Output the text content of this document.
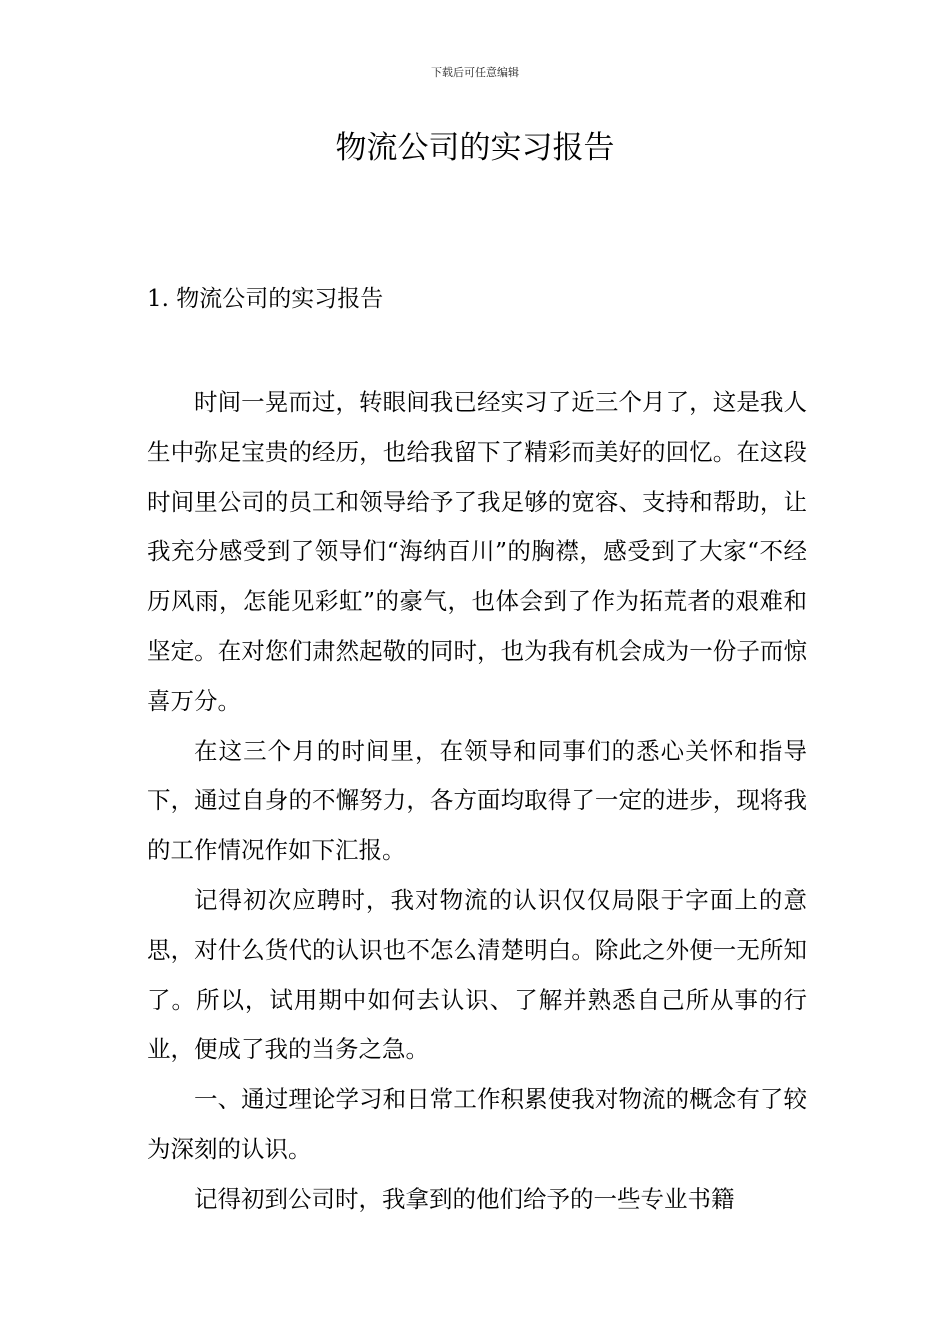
下载后可任意编辑
物流公司的实习报告
1. 物流公司的实习报告

时间一晃而过，转眼间我已经实习了近三个月了，这是我人生中弥足宝贵的经历，也给我留下了精彩而美好的回忆。在这段时间里公司的员工和领导给予了我足够的宽容、支持和帮助，让我充分感受到了领导们“海纳百川”的胸襟，感受到了大家“不经历风雨，怎能见彩虹”的豪气，也体会到了作为拓荒者的艰难和坚定。在对您们肃然起敬的同时，也为我有机会成为一份子而惊喜万分。

在这三个月的时间里，在领导和同事们的悉心关怀和指导下，通过自身的不懈努力，各方面均取得了一定的进步，现将我的工作情况作如下汇报。

记得初次应聘时，我对物流的认识仅仅局限于字面上的意思，对什么货代的认识也不怎么清楚明白。除此之外便一无所知了。所以，试用期中如何去认识、了解并熟悉自己所从事的行业，便成了我的当务之急。

一、通过理论学习和日常工作积累使我对物流的概念有了较为深刻的认识。

记得初到公司时，我拿到的他们给予的一些专业书籍
